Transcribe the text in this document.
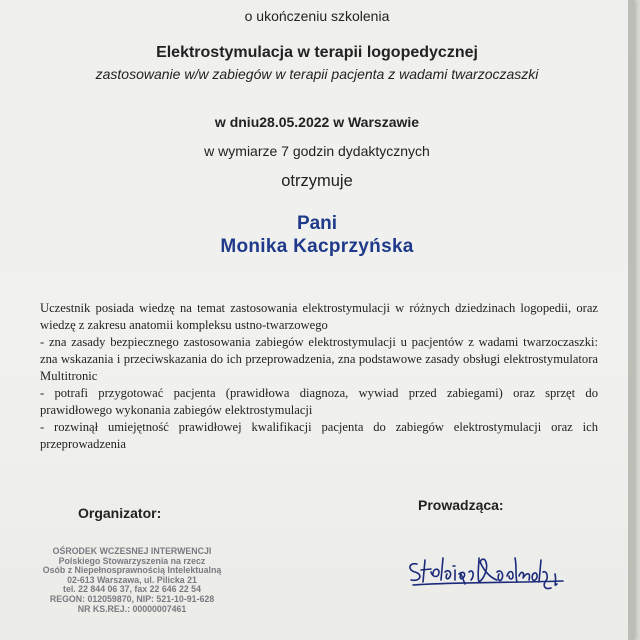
o ukończeniu szkolenia
Elektrostymulacja w terapii logopedycznej
zastosowanie w/w zabiegów w terapii pacjenta z wadami twarzoczaszki
w dniu28.05.2022 w Warszawie
w wymiarze 7 godzin dydaktycznych
otrzymuje
Pani
Monika Kacprzyńska
Uczestnik posiada wiedzę na temat zastosowania elektrostymulacji w różnych dziedzinach logopedii, oraz
wiedzę z zakresu anatomii kompleksu ustno-twarzowego
- zna zasady bezpiecznego zastosowania zabiegów elektrostymulacji u pacjentów z wadami twarzoczaszki:
zna wskazania i przeciwskazania do ich przeprowadzenia, zna podstawowe zasady obsługi elektrostymulatora
Multitronic
- potrafi przygotować pacjenta (prawidłowa diagnoza, wywiad przed zabiegami) oraz sprzęt do
prawidłowego wykonania zabiegów elektrostymulacji
- rozwinął umiejętność prawidłowej kwalifikacji pacjenta do zabiegów elektrostymulacji oraz ich
przeprowadzenia
Organizator:	Prowadząca:
OŚRODEK WCZESNEJ INTERWENCJI
Polskiego Stowarzyszenia na rzecz
Osób z Niepełnosprawnością Intelektualną
02-613 Warszawa, ul. Pilicka 21
tel. 22 844 06 37, fax 22 646 22 54
REGON: 012059870, NIP: 521-10-91-628
NR KS.REJ.: 00000007461
